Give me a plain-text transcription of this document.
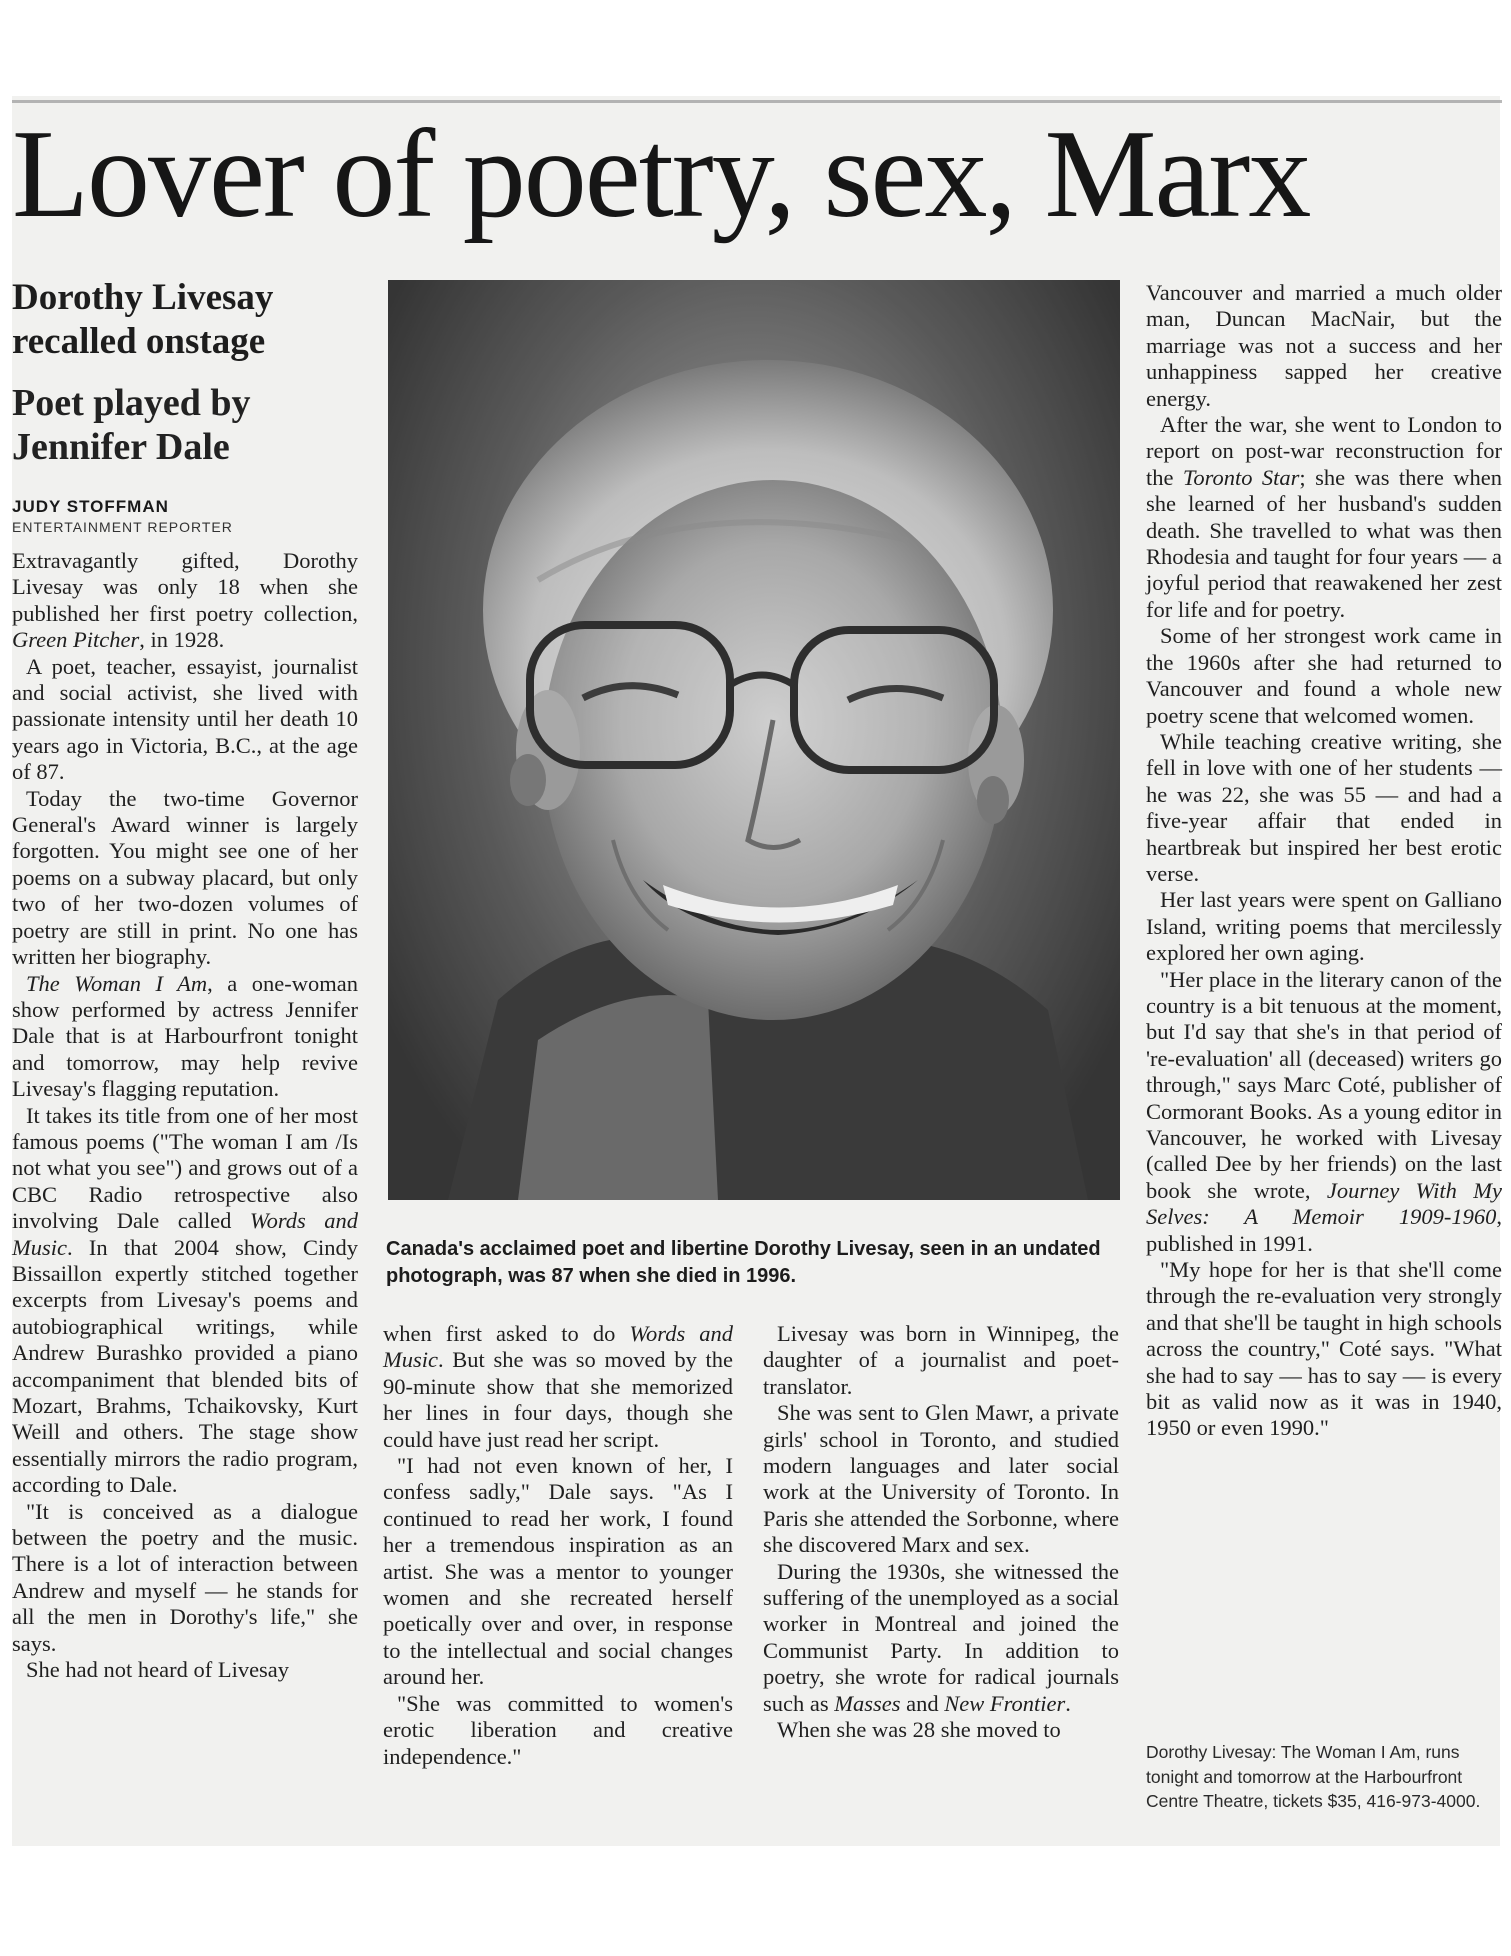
Lover of poetry, sex, Marx
Dorothy Livesay recalled onstage
Poet played by Jennifer Dale
JUDY STOFFMAN
ENTERTAINMENT REPORTER

Extravagantly gifted, Dorothy Livesay was only 18 when she published her first poetry collection, Green Pitcher, in 1928.

A poet, teacher, essayist, journalist and social activist, she lived with passionate intensity until her death 10 years ago in Victoria, B.C., at the age of 87.

Today the two-time Governor General's Award winner is largely forgotten. You might see one of her poems on a subway placard, but only two of her two-dozen volumes of poetry are still in print. No one has written her biography.

The Woman I Am, a one-woman show performed by actress Jennifer Dale that is at Harbourfront tonight and tomorrow, may help revive Livesay's flagging reputation.

It takes its title from one of her most famous poems ("The woman I am /Is not what you see") and grows out of a CBC Radio retrospective also involving Dale called Words and Music. In that 2004 show, Cindy Bissaillon expertly stitched together excerpts from Livesay's poems and autobiographical writings, while Andrew Burashko provided a piano accompaniment that blended bits of Mozart, Brahms, Tchaikovsky, Kurt Weill and others. The stage show essentially mirrors the radio program, according to Dale.

"It is conceived as a dialogue between the poetry and the music. There is a lot of interaction between Andrew and myself — he stands for all the men in Dorothy's life," she says.

She had not heard of Livesay

Canada's acclaimed poet and libertine Dorothy Livesay, seen in an undated photograph, was 87 when she died in 1996.

when first asked to do Words and Music. But she was so moved by the 90-minute show that she memorized her lines in four days, though she could have just read her script.

"I had not even known of her, I confess sadly," Dale says. "As I continued to read her work, I found her a tremendous inspiration as an artist. She was a mentor to younger women and she recreated herself poetically over and over, in response to the intellectual and social changes around her.

"She was committed to women's erotic liberation and creative independence."

Livesay was born in Winnipeg, the daughter of a journalist and poet-translator.

She was sent to Glen Mawr, a private girls' school in Toronto, and studied modern languages and later social work at the University of Toronto. In Paris she attended the Sorbonne, where she discovered Marx and sex.

During the 1930s, she witnessed the suffering of the unemployed as a social worker in Montreal and joined the Communist Party. In addition to poetry, she wrote for radical journals such as Masses and New Frontier.

When she was 28 she moved to

Vancouver and married a much older man, Duncan MacNair, but the marriage was not a success and her unhappiness sapped her creative energy.

After the war, she went to London to report on post-war reconstruction for the Toronto Star; she was there when she learned of her husband's sudden death. She travelled to what was then Rhodesia and taught for four years — a joyful period that reawakened her zest for life and for poetry.

Some of her strongest work came in the 1960s after she had returned to Vancouver and found a whole new poetry scene that welcomed women.

While teaching creative writing, she fell in love with one of her students — he was 22, she was 55 — and had a five-year affair that ended in heartbreak but inspired her best erotic verse.

Her last years were spent on Galliano Island, writing poems that mercilessly explored her own aging.

"Her place in the literary canon of the country is a bit tenuous at the moment, but I'd say that she's in that period of 're-evaluation' all (deceased) writers go through," says Marc Coté, publisher of Cormorant Books. As a young editor in Vancouver, he worked with Livesay (called Dee by her friends) on the last book she wrote, Journey With My Selves: A Memoir 1909-1960, published in 1991.

"My hope for her is that she'll come through the re-evaluation very strongly and that she'll be taught in high schools across the country," Coté says. "What she had to say — has to say — is every bit as valid now as it was in 1940, 1950 or even 1990."

Dorothy Livesay: The Woman I Am, runs tonight and tomorrow at the Harbourfront Centre Theatre, tickets $35, 416-973-4000.
